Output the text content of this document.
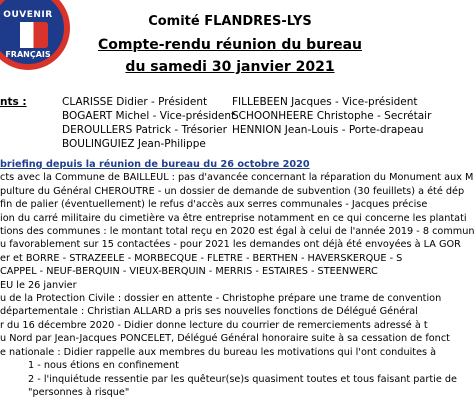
OUVENIR
FRANÇAIS
Comité FLANDRES-LYS
Compte-rendu réunion du bureau
du samedi 30 janvier 2021
nts :	CLARISSE Didier - Président
BOGAERT Michel - Vice-président
DEROULLERS Patrick - Trésorier
BOULINGUIEZ Jean-Philippe
FILLEBEEN Jacques - Vice-président
SCHOONHEERE Christophe - Secrétair
HENNION Jean-Louis - Porte-drapeau
briefing depuis la réunion de bureau du 26 octobre 2020
cts avec la Commune de BAILLEUL : pas d'avancée concernant la réparation du Monument aux M
pulture du Général CHEROUTRE - un dossier de demande de subvention (30 feuillets) a été dép
fin de palier (éventuellement) le refus d'accès aux serres communales - Jacques précise
ion du carré militaire du cimetière va être entreprise notamment en ce qui concerne les plantati
tions des communes : le montant total reçu en 2020 est égal à celui de l'année 2019 - 8 commun
u favorablement sur 15 contactées - pour 2021 les demandes ont déjà été envoyées à LA GOR
er et BORRE - STRAZEELE - MORBECQUE - FLETRE - BERTHEN - HAVERSKERQUE - S
CAPPEL - NEUF-BERQUIN - VIEUX-BERQUIN - MERRIS - ESTAIRES - STEENWERC
EU le 26 janvier
u de la Protection Civile : dossier en attente - Christophe prépare une trame de convention
départementale : Christian ALLARD a pris ses nouvelles fonctions de Délégué Général
r du 16 décembre 2020 - Didier donne lecture du courrier de remerciements adressé à t
u Nord par Jean-Jacques PONCELET, Délégué Général honoraire suite à sa cessation de fonct
e nationale : Didier rappelle aux membres du bureau les motivations qui l'ont conduites à
1 - nous étions en confinement
2 - l'inquiétude ressentie par les quêteur(se)s quasiment toutes et tous faisant partie de
"personnes à risque"
